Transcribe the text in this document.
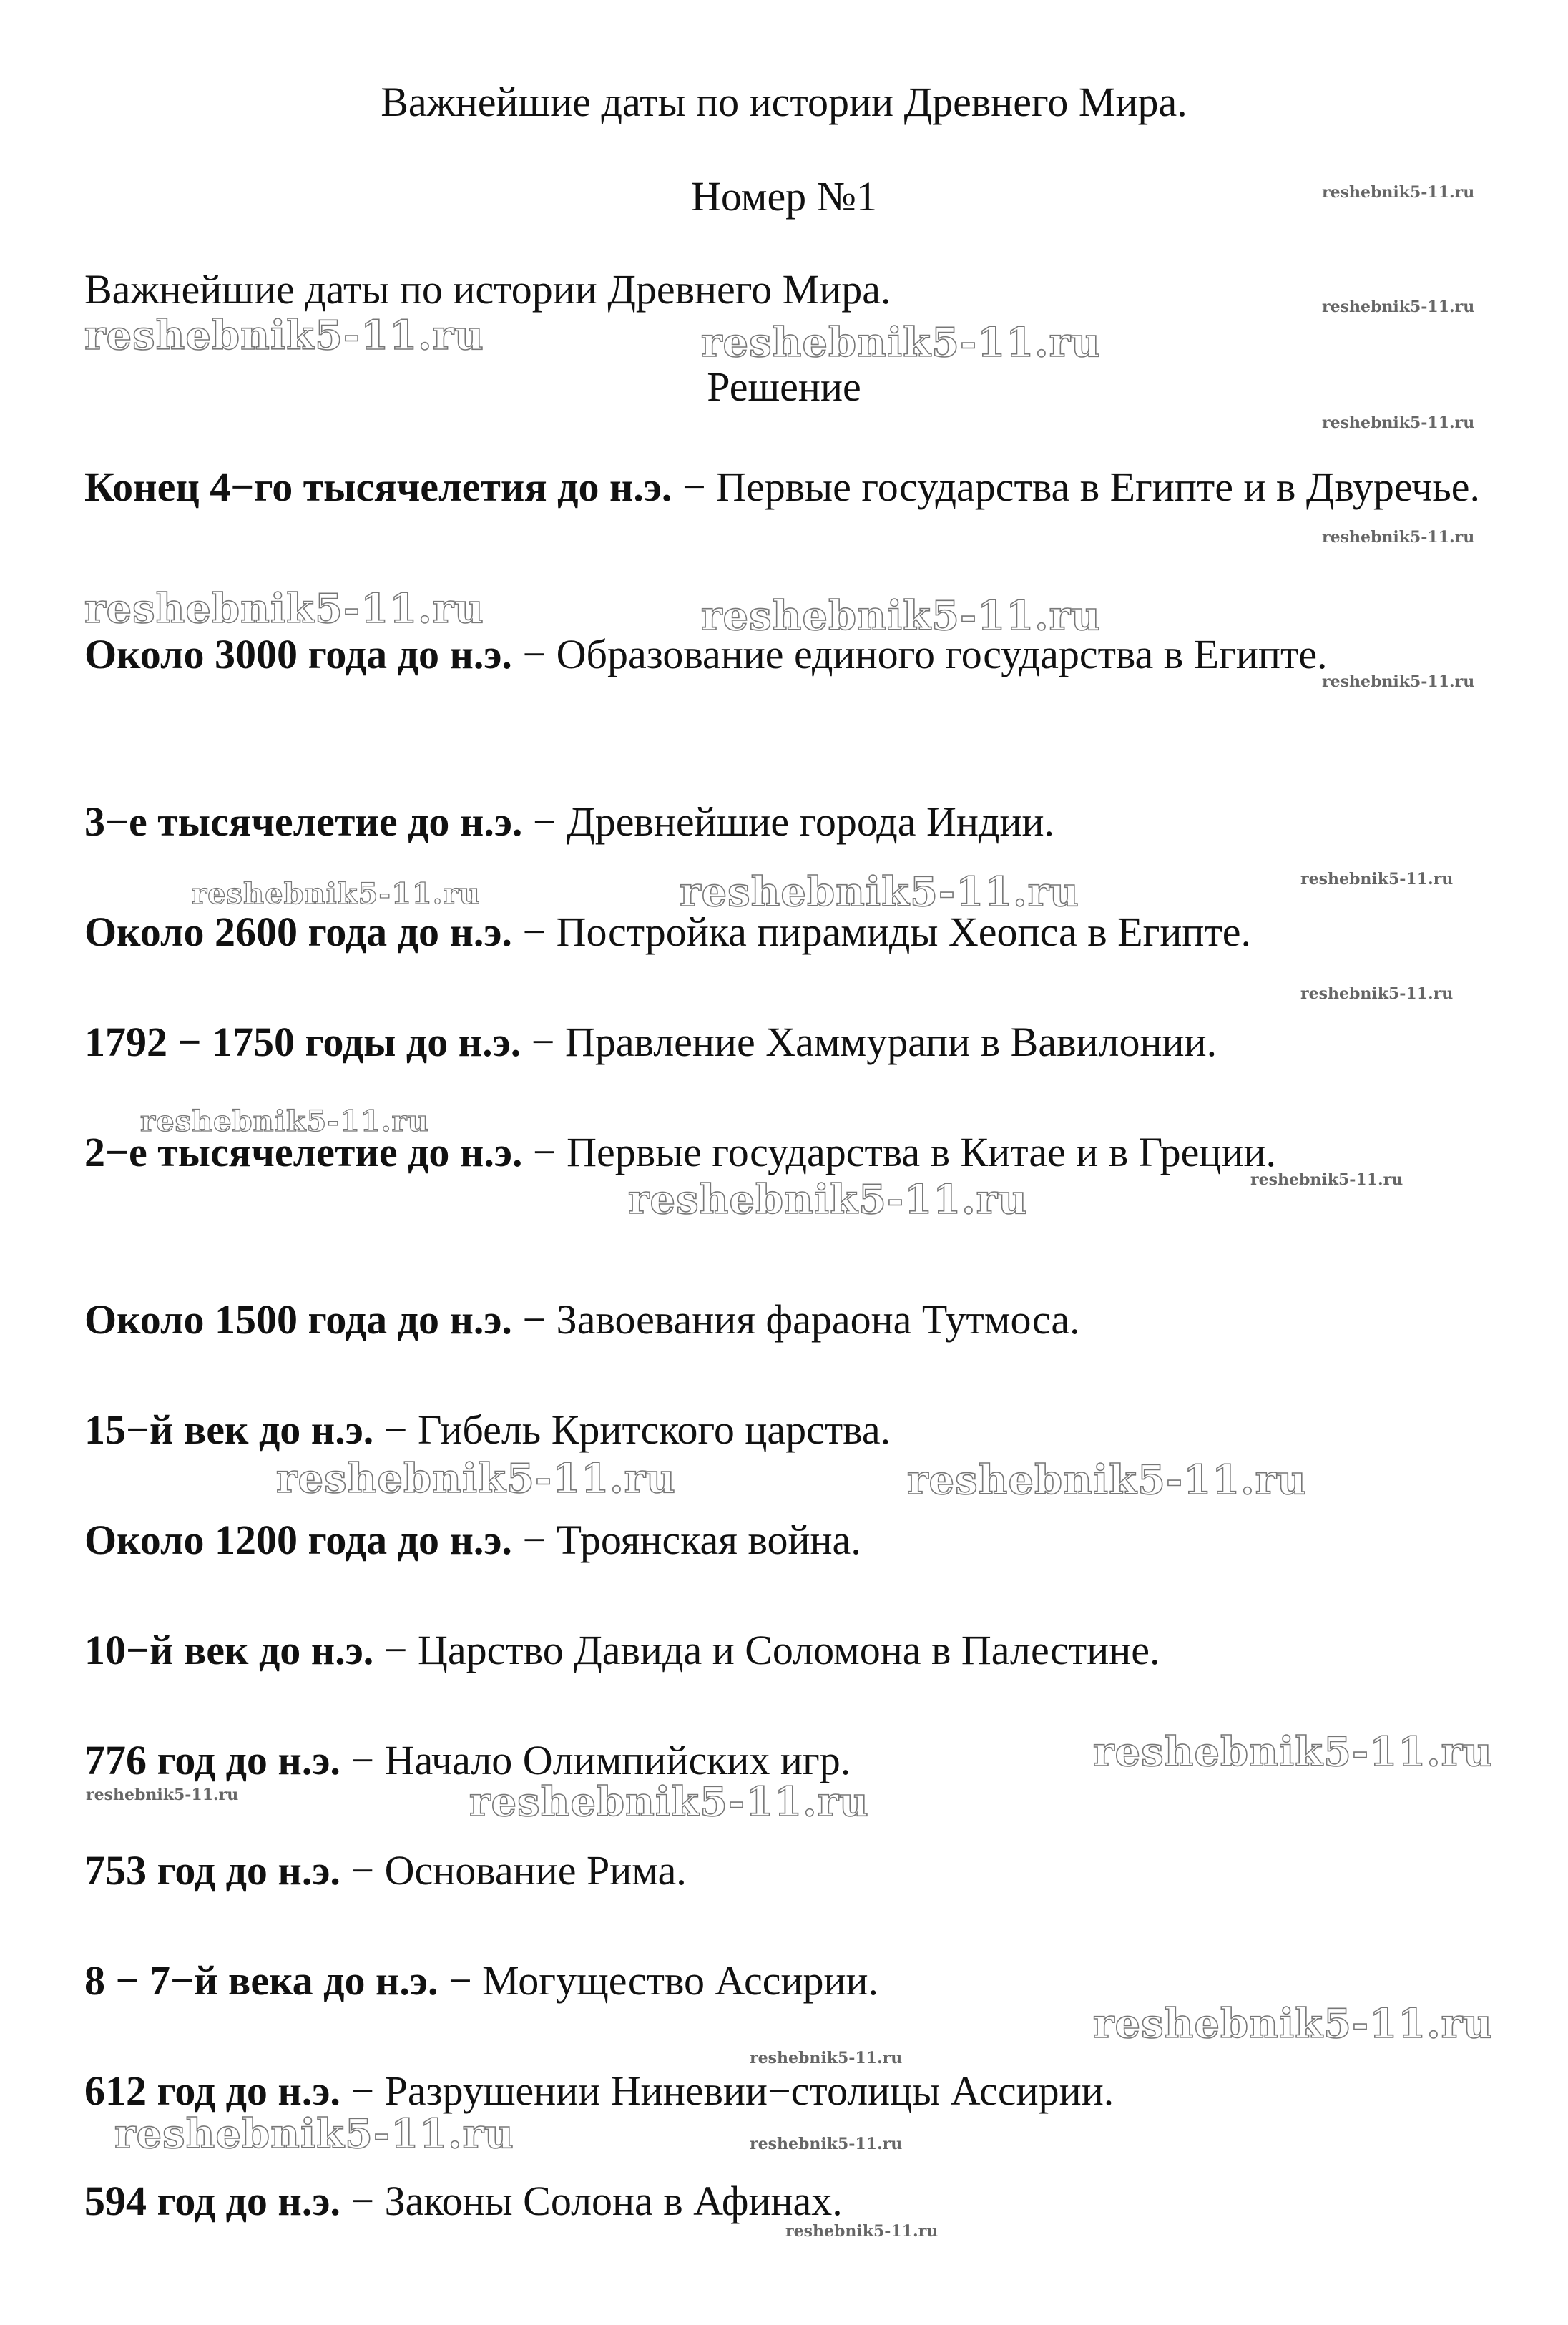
Важнейшие даты по истории Древнего Мира.
Номер №1
Важнейшие даты по истории Древнего Мира.
Решение
Конец 4−го тысячелетия до н.э. − Первые государства в Египте и в Двуречье.
Около 3000 года до н.э. − Образование единого государства в Египте.
3−е тысячелетие до н.э. − Древнейшие города Индии.
Около 2600 года до н.э. − Постройка пирамиды Хеопса в Египте.
1792 − 1750 годы до н.э. − Правление Хаммурапи в Вавилонии.
2−е тысячелетие до н.э. − Первые государства в Китае и в Греции.
Около 1500 года до н.э. − Завоевания фараона Тутмоса.
15−й век до н.э. − Гибель Критского царства.
Около 1200 года до н.э. − Троянская война.
10−й век до н.э. − Царство Давида и Соломона в Палестине.
776 год до н.э. − Начало Олимпийских игр.
753 год до н.э. − Основание Рима.
8 − 7−й века до н.э. − Могущество Ассирии.
612 год до н.э. − Разрушении Ниневии−столицы Ассирии.
594 год до н.э. − Законы Солона в Афинах.
reshebnik5-11.ru
reshebnik5-11.ru
reshebnik5-11.ru	reshebnik5-11.ru
reshebnik5-11.ru
reshebnik5-11.ru
reshebnik5-11.ru	reshebnik5-11.ru
reshebnik5-11.ru
reshebnik5-11.ru
reshebnik5-11.ru	reshebnik5-11.ru
reshebnik5-11.ru
reshebnik5-11.ru
reshebnik5-11.ru
reshebnik5-11.ru
reshebnik5-11.ru	reshebnik5-11.ru
reshebnik5-11.ru
reshebnik5-11.ru	reshebnik5-11.ru
reshebnik5-11.ru
reshebnik5-11.ru
reshebnik5-11.ru	reshebnik5-11.ru
reshebnik5-11.ru
